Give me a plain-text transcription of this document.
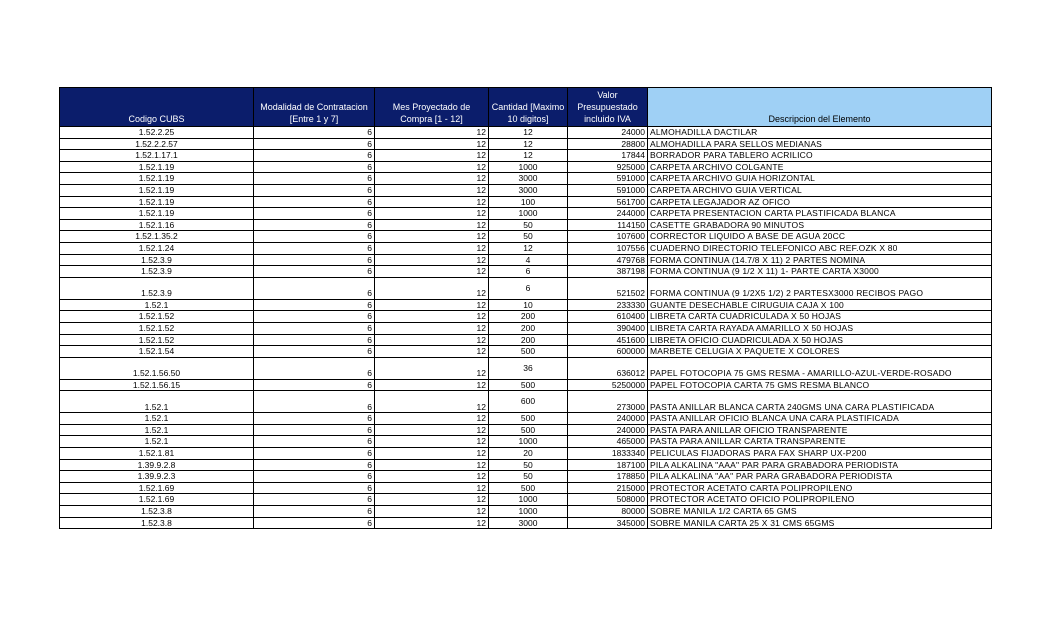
Codigo CUBS	Modalidad de Contratacion [Entre 1 y 7]	Mes Proyectado de Compra [1 - 12]	Cantidad [Maximo 10 digitos]	Valor Presupuestado incluido IVA	Descripcion del Elemento
1.52.2.25	6	12	12	24000	ALMOHADILLA DACTILAR
1.52.2.2.57	6	12	12	28800	ALMOHADILLA PARA SELLOS MEDIANAS
1.52.1.17.1	6	12	12	17844	BORRADOR PARA TABLERO ACRILICO
1.52.1.19	6	12	1000	925000	CARPETA ARCHIVO COLGANTE
1.52.1.19	6	12	3000	591000	CARPETA ARCHIVO GUIA HORIZONTAL
1.52.1.19	6	12	3000	591000	CARPETA ARCHIVO GUIA VERTICAL
1.52.1.19	6	12	100	561700	CARPETA LEGAJADOR AZ OFICO
1.52.1.19	6	12	1000	244000	CARPETA PRESENTACION CARTA PLASTIFICADA BLANCA
1.52.1.16	6	12	50	114150	CASETTE GRABADORA 90 MINUTOS
1.52.1.35.2	6	12	50	107600	CORRECTOR LIQUIDO A BASE DE AGUA 20CC
1.52.1.24	6	12	12	107556	CUADERNO DIRECTORIO TELEFONICO ABC REF.OZK X 80
1.52.3.9	6	12	4	479768	FORMA CONTINUA (14.7/8 X 11) 2 PARTES NOMINA
1.52.3.9	6	12	6	387198	FORMA CONTINUA (9 1/2 X 11) 1- PARTE CARTA X3000
1.52.3.9	6	12	6	521502	FORMA CONTINUA (9 1/2X5 1/2) 2 PARTESX3000 RECIBOS PAGO
1.52.1	6	12	10	233330	GUANTE DESECHABLE CIRUGUIA CAJA X 100
1.52.1.52	6	12	200	610400	LIBRETA CARTA CUADRICULADA X 50 HOJAS
1.52.1.52	6	12	200	390400	LIBRETA CARTA RAYADA AMARILLO X 50 HOJAS
1.52.1.52	6	12	200	451600	LIBRETA OFICIO CUADRICULADA X 50 HOJAS
1.52.1.54	6	12	500	600000	MARBETE CELUGIA X PAQUETE X COLORES
1.52.1.56.50	6	12	36	636012	PAPEL FOTOCOPIA 75 GMS RESMA - AMARILLO-AZUL-VERDE-ROSADO
1.52.1.56.15	6	12	500	5250000	PAPEL FOTOCOPIA CARTA 75 GMS RESMA BLANCO
1.52.1	6	12	600	273000	PASTA ANILLAR BLANCA CARTA 240GMS UNA CARA PLASTIFICADA
1.52.1	6	12	500	240000	PASTA ANILLAR OFICIO BLANCA UNA CARA PLASTIFICADA
1.52.1	6	12	500	240000	PASTA PARA ANILLAR OFICIO TRANSPARENTE
1.52.1	6	12	1000	465000	PASTA PARA ANILLAR CARTA TRANSPARENTE
1.52.1.81	6	12	20	1833340	PELICULAS FIJADORAS PARA FAX SHARP UX-P200
1.39.9.2.8	6	12	50	187100	PILA ALKALINA "AAA" PAR PARA GRABADORA PERIODISTA
1.39.9.2.3	6	12	50	178850	PILA ALKALINA "AA" PAR PARA GRABADORA PERIODISTA
1.52.1.69	6	12	500	215000	PROTECTOR ACETATO CARTA POLIPROPILENO
1.52.1.69	6	12	1000	508000	PROTECTOR ACETATO OFICIO POLIPROPILENO
1.52.3.8	6	12	1000	80000	SOBRE MANILA 1/2 CARTA 65 GMS
1.52.3.8	6	12	3000	345000	SOBRE MANILA CARTA 25 X 31 CMS 65GMS
